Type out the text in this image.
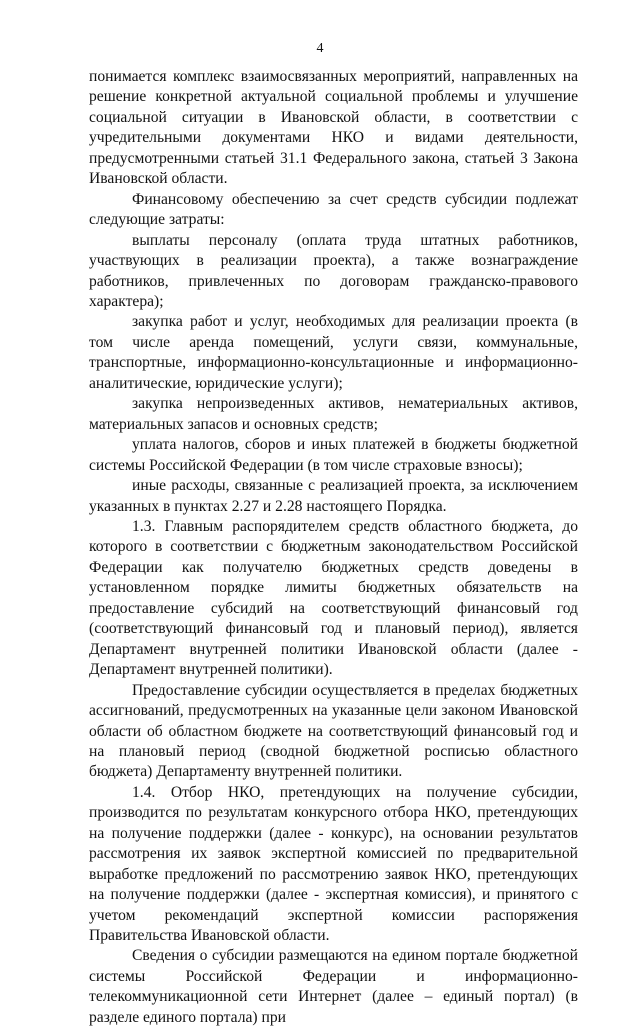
4

понимается комплекс взаимосвязанных мероприятий, направленных на решение конкретной актуальной социальной проблемы и улучшение социальной ситуации в Ивановской области, в соответствии с учредительными документами НКО и видами деятельности, предусмотренными статьей 31.1 Федерального закона, статьей 3 Закона Ивановской области.

Финансовому обеспечению за счет средств субсидии подлежат следующие затраты:

выплаты персоналу (оплата труда штатных работников, участвующих в реализации проекта), а также вознаграждение работников, привлеченных по договорам гражданско-правового характера);

закупка работ и услуг, необходимых для реализации проекта (в том числе аренда помещений, услуги связи, коммунальные, транспортные, информационно-консультационные и информационно-аналитические, юридические услуги);

закупка непроизведенных активов, нематериальных активов, материальных запасов и основных средств;

уплата налогов, сборов и иных платежей в бюджеты бюджетной системы Российской Федерации (в том числе страховые взносы);

иные расходы, связанные с реализацией проекта, за исключением указанных в пунктах 2.27 и 2.28 настоящего Порядка.

1.3. Главным распорядителем средств областного бюджета, до которого в соответствии с бюджетным законодательством Российской Федерации как получателю бюджетных средств доведены в установленном порядке лимиты бюджетных обязательств на предоставление субсидий на соответствующий финансовый год (соответствующий финансовый год и плановый период), является Департамент внутренней политики Ивановской области (далее - Департамент внутренней политики).

Предоставление субсидии осуществляется в пределах бюджетных ассигнований, предусмотренных на указанные цели законом Ивановской области об областном бюджете на соответствующий финансовый год и на плановый период (сводной бюджетной росписью областного бюджета) Департаменту внутренней политики.

1.4. Отбор НКО, претендующих на получение субсидии, производится по результатам конкурсного отбора НКО, претендующих на получение поддержки (далее - конкурс), на основании результатов рассмотрения их заявок экспертной комиссией по предварительной выработке предложений по рассмотрению заявок НКО, претендующих на получение поддержки (далее - экспертная комиссия), и принятого с учетом рекомендаций экспертной комиссии распоряжения Правительства Ивановской области.

Сведения о субсидии размещаются на едином портале бюджетной системы Российской Федерации и информационно-телекоммуникационной сети Интернет (далее – единый портал) (в разделе единого портала) при
